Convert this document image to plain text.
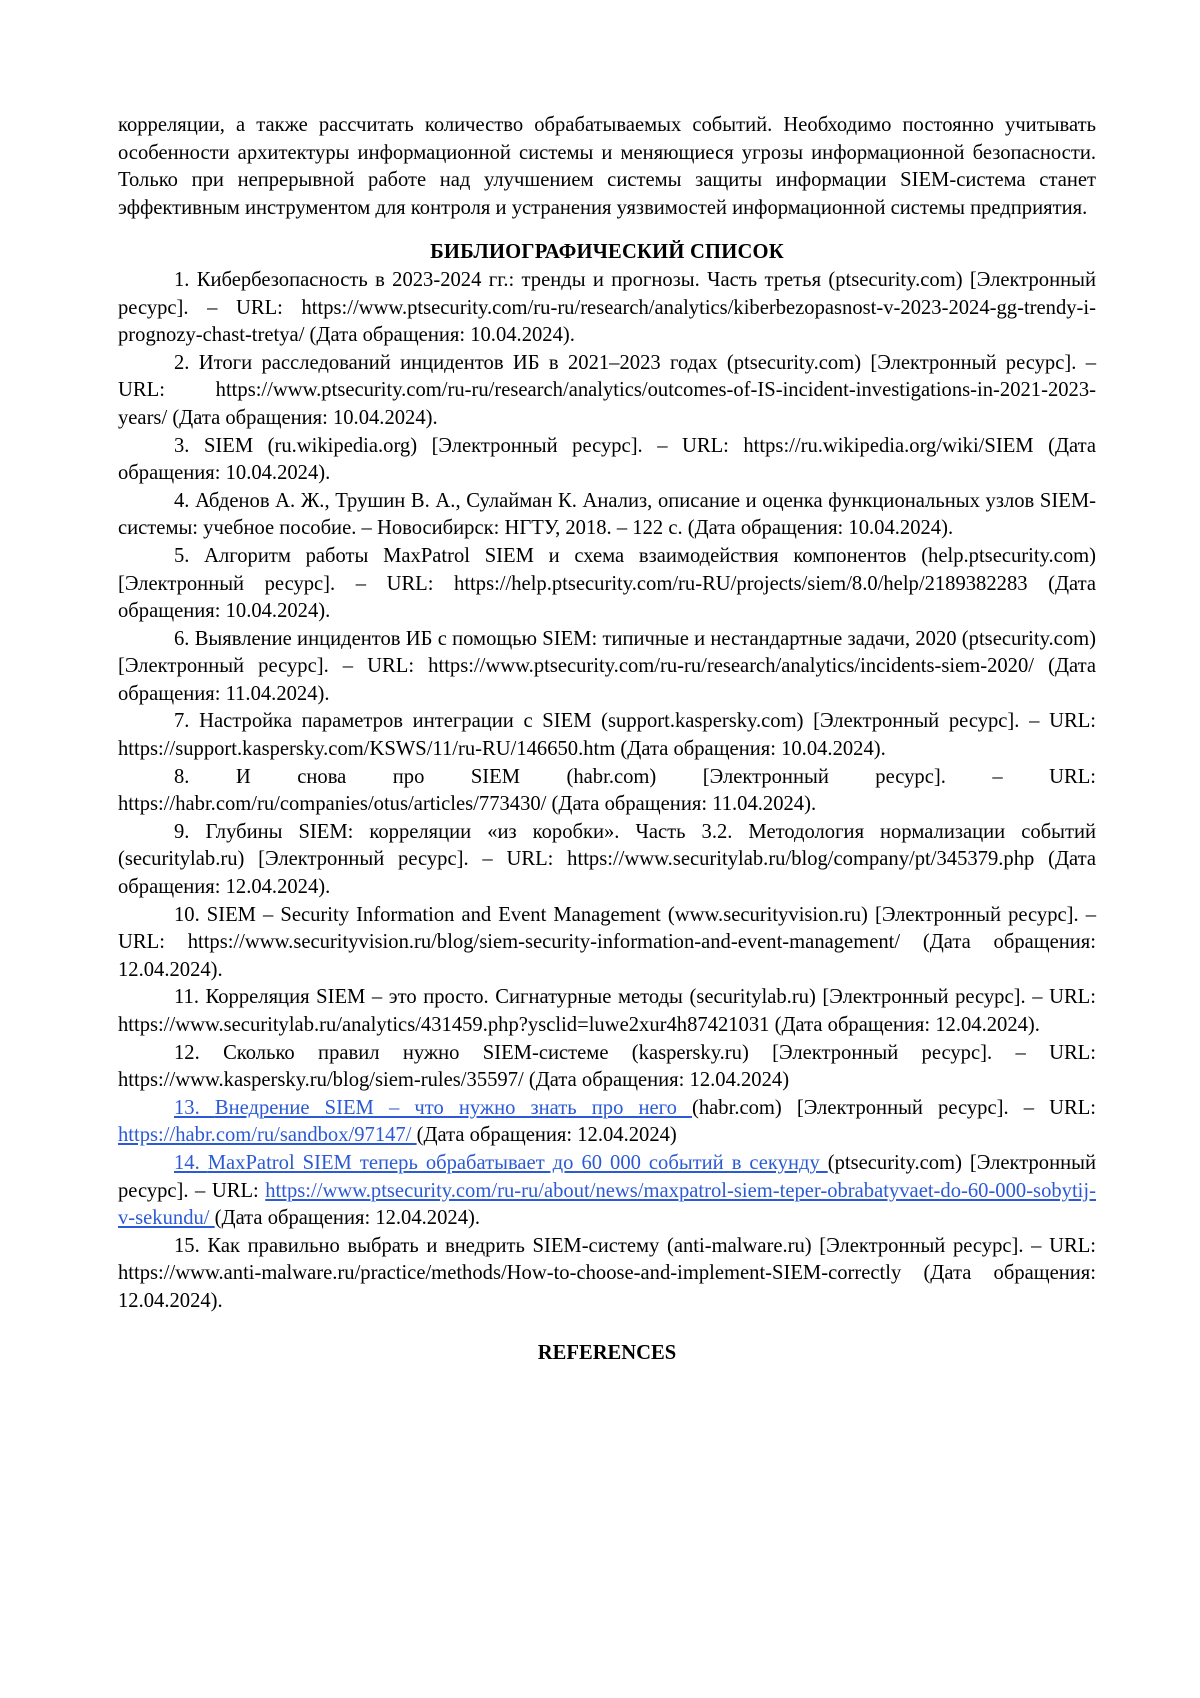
корреляции, а также рассчитать количество обрабатываемых событий. Необходимо постоянно учитывать особенности архитектуры информационной системы и меняющиеся угрозы информационной безопасности. Только при непрерывной работе над улучшением системы защиты информации SIEM-система станет эффективным инструментом для контроля и устранения уязвимостей информационной системы предприятия.

БИБЛИОГРАФИЧЕСКИЙ СПИСОК

1. Кибербезопасность в 2023-2024 гг.: тренды и прогнозы. Часть третья (ptsecurity.com) [Электронный ресурс]. – URL: https://www.ptsecurity.com/ru-ru/research/analytics/kiberbezopasnost-v-2023-2024-gg-trendy-i-prognozy-chast-tretya/ (Дата обращения: 10.04.2024).

2. Итоги расследований инцидентов ИБ в 2021–2023 годах (ptsecurity.com) [Электронный ресурс]. – URL: https://www.ptsecurity.com/ru-ru/research/analytics/outcomes-of-IS-incident-investigations-in-2021-2023-years/ (Дата обращения: 10.04.2024).

3. SIEM (ru.wikipedia.org) [Электронный ресурс]. – URL: https://ru.wikipedia.org/wiki/SIEM (Дата обращения: 10.04.2024).

4. Абденов А. Ж., Трушин В. А., Сулайман К. Анализ, описание и оценка функциональных узлов SIEM-системы: учебное пособие. – Новосибирск: НГТУ, 2018. – 122 с. (Дата обращения: 10.04.2024).

5. Алгоритм работы MaxPatrol SIEM и схема взаимодействия компонентов (help.ptsecurity.com) [Электронный ресурс]. – URL: https://help.ptsecurity.com/ru-RU/projects/siem/8.0/help/2189382283 (Дата обращения: 10.04.2024).

6. Выявление инцидентов ИБ с помощью SIEM: типичные и нестандартные задачи, 2020 (ptsecurity.com) [Электронный ресурс]. – URL: https://www.ptsecurity.com/ru-ru/research/analytics/incidents-siem-2020/ (Дата обращения: 11.04.2024).

7. Настройка параметров интеграции с SIEM (support.kaspersky.com) [Электронный ресурс]. – URL: https://support.kaspersky.com/KSWS/11/ru-RU/146650.htm (Дата обращения: 10.04.2024).

8. И снова про SIEM (habr.com) [Электронный ресурс]. – URL: https://habr.com/ru/companies/otus/articles/773430/ (Дата обращения: 11.04.2024).

9. Глубины SIEM: корреляции «из коробки». Часть 3.2. Методология нормализации событий (securitylab.ru) [Электронный ресурс]. – URL: https://www.securitylab.ru/blog/company/pt/345379.php (Дата обращения: 12.04.2024).

10. SIEM – Security Information and Event Management (www.securityvision.ru) [Электронный ресурс]. – URL: https://www.securityvision.ru/blog/siem-security-information-and-event-management/ (Дата обращения: 12.04.2024).

11. Корреляция SIEM – это просто. Сигнатурные методы (securitylab.ru) [Электронный ресурс]. – URL: https://www.securitylab.ru/analytics/431459.php?ysclid=luwe2xur4h87421031 (Дата обращения: 12.04.2024).

12. Сколько правил нужно SIEM-системе (kaspersky.ru) [Электронный ресурс]. – URL: https://www.kaspersky.ru/blog/siem-rules/35597/ (Дата обращения: 12.04.2024)

13. Внедрение SIEM – что нужно знать про него (habr.com) [Электронный ресурс]. – URL: https://habr.com/ru/sandbox/97147/ (Дата обращения: 12.04.2024)

14. MaxPatrol SIEM теперь обрабатывает до 60 000 событий в секунду (ptsecurity.com) [Электронный ресурс]. – URL: https://www.ptsecurity.com/ru-ru/about/news/maxpatrol-siem-teper-obrabatyvaet-do-60-000-sobytij-v-sekundu/ (Дата обращения: 12.04.2024).

15. Как правильно выбрать и внедрить SIEM-систему (anti-malware.ru) [Электронный ресурс]. – URL: https://www.anti-malware.ru/practice/methods/How-to-choose-and-implement-SIEM-correctly (Дата обращения: 12.04.2024).

REFERENCES
